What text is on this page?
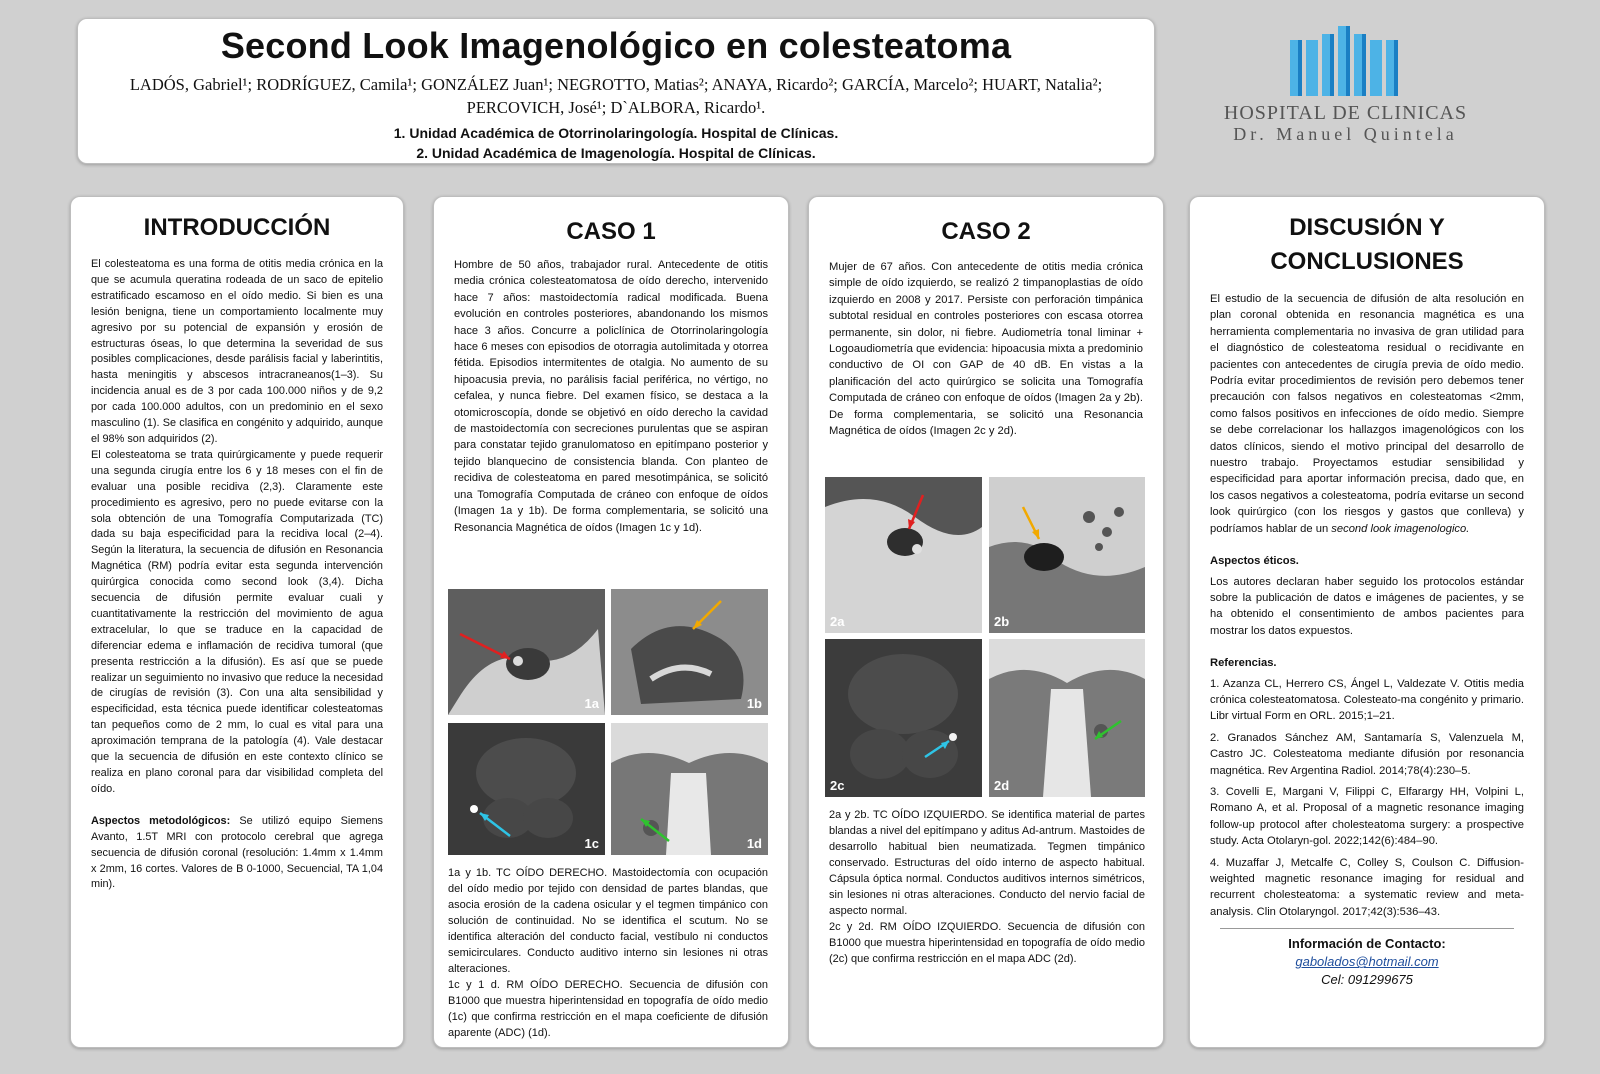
Second Look Imagenológico en colesteatoma
LADÓS, Gabriel¹; RODRÍGUEZ, Camila¹; GONZÁLEZ Juan¹; NEGROTTO, Matias²; ANAYA, Ricardo²; GARCÍA, Marcelo²; HUART, Natalia²;
PERCOVICH, José¹; D`ALBORA, Ricardo¹.
1. Unidad Académica de Otorrinolaringología. Hospital de Clínicas.
2. Unidad Académica de Imagenología. Hospital de Clínicas.
HOSPITAL DE CLINICAS
Dr. Manuel Quintela
INTRODUCCIÓN

El colesteatoma es una forma de otitis media crónica en la que se acumula queratina rodeada de un saco de epitelio estratificado escamoso en el oído medio. Si bien es una lesión benigna, tiene un comportamiento localmente muy agresivo por su potencial de expansión y erosión de estructuras óseas, lo que determina la severidad de sus posibles complicaciones, desde parálisis facial y laberintitis, hasta meningitis y abscesos intracraneanos(1–3). Su incidencia anual es de 3 por cada 100.000 niños y de 9,2 por cada 100.000 adultos, con un predominio en el sexo masculino (1). Se clasifica en congénito y adquirido, aunque el 98% son adquiridos (2).

El colesteatoma se trata quirúrgicamente y puede requerir una segunda cirugía entre los 6 y 18 meses con el fin de evaluar una posible recidiva (2,3). Claramente este procedimiento es agresivo, pero no puede evitarse con la sola obtención de una Tomografía Computarizada (TC) dada su baja especificidad para la recidiva local (2–4). Según la literatura, la secuencia de difusión en Resonancia Magnética (RM) podría evitar esta segunda intervención quirúrgica conocida como second look (3,4). Dicha secuencia de difusión permite evaluar cuali y cuantitativamente la restricción del movimiento de agua extracelular, lo que se traduce en la capacidad de diferenciar edema e inflamación de recidiva tumoral (que presenta restricción a la difusión). Es así que se puede realizar un seguimiento no invasivo que reduce la necesidad de cirugías de revisión (3). Con una alta sensibilidad y especificidad, esta técnica puede identificar colesteatomas tan pequeños como de 2 mm, lo cual es vital para una aproximación temprana de la patología (4). Vale destacar que la secuencia de difusión en este contexto clínico se realiza en plano coronal para dar visibilidad completa del oído.

Aspectos metodológicos: Se utilizó equipo Siemens Avanto, 1.5T MRI con protocolo cerebral que agrega secuencia de difusión coronal (resolución: 1.4mm x 1.4mm x 2mm, 16 cortes. Valores de B 0-1000, Secuencial, TA 1,04 min).

CASO 1
Hombre de 50 años, trabajador rural. Antecedente de otitis media crónica colesteatomatosa de oído derecho, intervenido hace 7 años: mastoidectomía radical modificada. Buena evolución en controles posteriores, abandonando los mismos hace 3 años. Concurre a policlínica de Otorrinolaringología hace 6 meses con episodios de otorragia autolimitada y otorrea fétida. Episodios intermitentes de otalgia. No aumento de su hipoacusia previa, no parálisis facial periférica, no vértigo, no cefalea, y nunca fiebre. Del examen físico, se destaca a la otomicroscopía, donde se objetivó en oído derecho la cavidad de mastoidectomía con secreciones purulentas que se aspiran para constatar tejido granulomatoso en epitímpano posterior y tejido blanquecino de consistencia blanda. Con planteo de recidiva de colesteatoma en pared mesotimpánica, se solicitó una Tomografía Computada de cráneo con enfoque de oídos (Imagen 1a y 1b). De forma complementaria, se solicitó una Resonancia Magnética de oídos (Imagen 1c y 1d).
1a	1b
1c	1d
1a y 1b. TC OÍDO DERECHO. Mastoidectomía con ocupación del oído medio por tejido con densidad de partes blandas, que asocia erosión de la cadena osicular y el tegmen timpánico con solución de continuidad. No se identifica el scutum. No se identifica alteración del conducto facial, vestíbulo ni conductos semicirculares. Conducto auditivo interno sin lesiones ni otras alteraciones.
1c y 1 d. RM OÍDO DERECHO. Secuencia de difusión con B1000 que muestra hiperintensidad en topografía de oído medio (1c) que confirma restricción en el mapa coeficiente de difusión aparente (ADC) (1d).
CASO 2
Mujer de 67 años. Con antecedente de otitis media crónica simple de oído izquierdo, se realizó 2 timpanoplastias de oído izquierdo en 2008 y 2017. Persiste con perforación timpánica subtotal residual en controles posteriores con escasa otorrea permanente, sin dolor, ni fiebre. Audiometría tonal liminar + Logoaudiometría que evidencia: hipoacusia mixta a predominio conductivo de OI con GAP de 40 dB. En vistas a la planificación del acto quirúrgico se solicita una Tomografía Computada de cráneo con enfoque de oídos (Imagen 2a y 2b). De forma complementaria, se solicitó una Resonancia Magnética de oídos (Imagen 2c y 2d).
2a	2b
2c	2d
2a y 2b. TC OÍDO IZQUIERDO. Se identifica material de partes blandas a nivel del epitímpano y aditus Ad-antrum. Mastoides de desarrollo habitual bien neumatizada. Tegmen timpánico conservado. Estructuras del oído interno de aspecto habitual. Cápsula óptica normal. Conductos auditivos internos simétricos, sin lesiones ni otras alteraciones. Conducto del nervio facial de aspecto normal.
2c y 2d. RM OÍDO IZQUIERDO. Secuencia de difusión con B1000 que muestra hiperintensidad en topografía de oído medio (2c) que confirma restricción en el mapa ADC (2d).
DISCUSIÓN Y
CONCLUSIONES

El estudio de la secuencia de difusión de alta resolución en plan coronal obtenida en resonancia magnética es una herramienta complementaria no invasiva de gran utilidad para el diagnóstico de colesteatoma residual o recidivante en pacientes con antecedentes de cirugía previa de oído medio. Podría evitar procedimientos de revisión pero debemos tener precaución con falsos negativos en colesteatomas <2mm, como falsos positivos en infecciones de oído medio. Siempre se debe correlacionar los hallazgos imagenológicos con los datos clínicos, siendo el motivo principal del desarrollo de nuestro trabajo. Proyectamos estudiar sensibilidad y especificidad para aportar información precisa, dado que, en los casos negativos a colesteatoma, podría evitarse un second look quirúrgico (con los riesgos y gastos que conlleva) y podríamos hablar de un second look imagenologico.

Aspectos éticos.

Los autores declaran haber seguido los protocolos estándar sobre la publicación de datos e imágenes de pacientes, y se ha obtenido el consentimiento de ambos pacientes para mostrar los datos expuestos.

Referencias.

1. Azanza CL, Herrero CS, Ángel L, Valdezate V. Otitis media crónica colesteatomatosa. Colesteato-ma congénito y primario. Libr virtual Form en ORL. 2015;1–21.

2. Granados Sánchez AM, Santamaría S, Valenzuela M, Castro JC. Colesteatoma mediante difusión por resonancia magnética. Rev Argentina Radiol. 2014;78(4):230–5.

3. Covelli E, Margani V, Filippi C, Elfarargy HH, Volpini L, Romano A, et al. Proposal of a magnetic resonance imaging follow-up protocol after cholesteatoma surgery: a prospective study. Acta Otolaryn-gol. 2022;142(6):484–90.

4. Muzaffar J, Metcalfe C, Colley S, Coulson C. Diffusion-weighted magnetic resonance imaging for residual and recurrent cholesteatoma: a systematic review and meta-analysis. Clin Otolaryngol. 2017;42(3):536–43.

Información de Contacto:
gabolados@hotmail.com
Cel: 091299675
